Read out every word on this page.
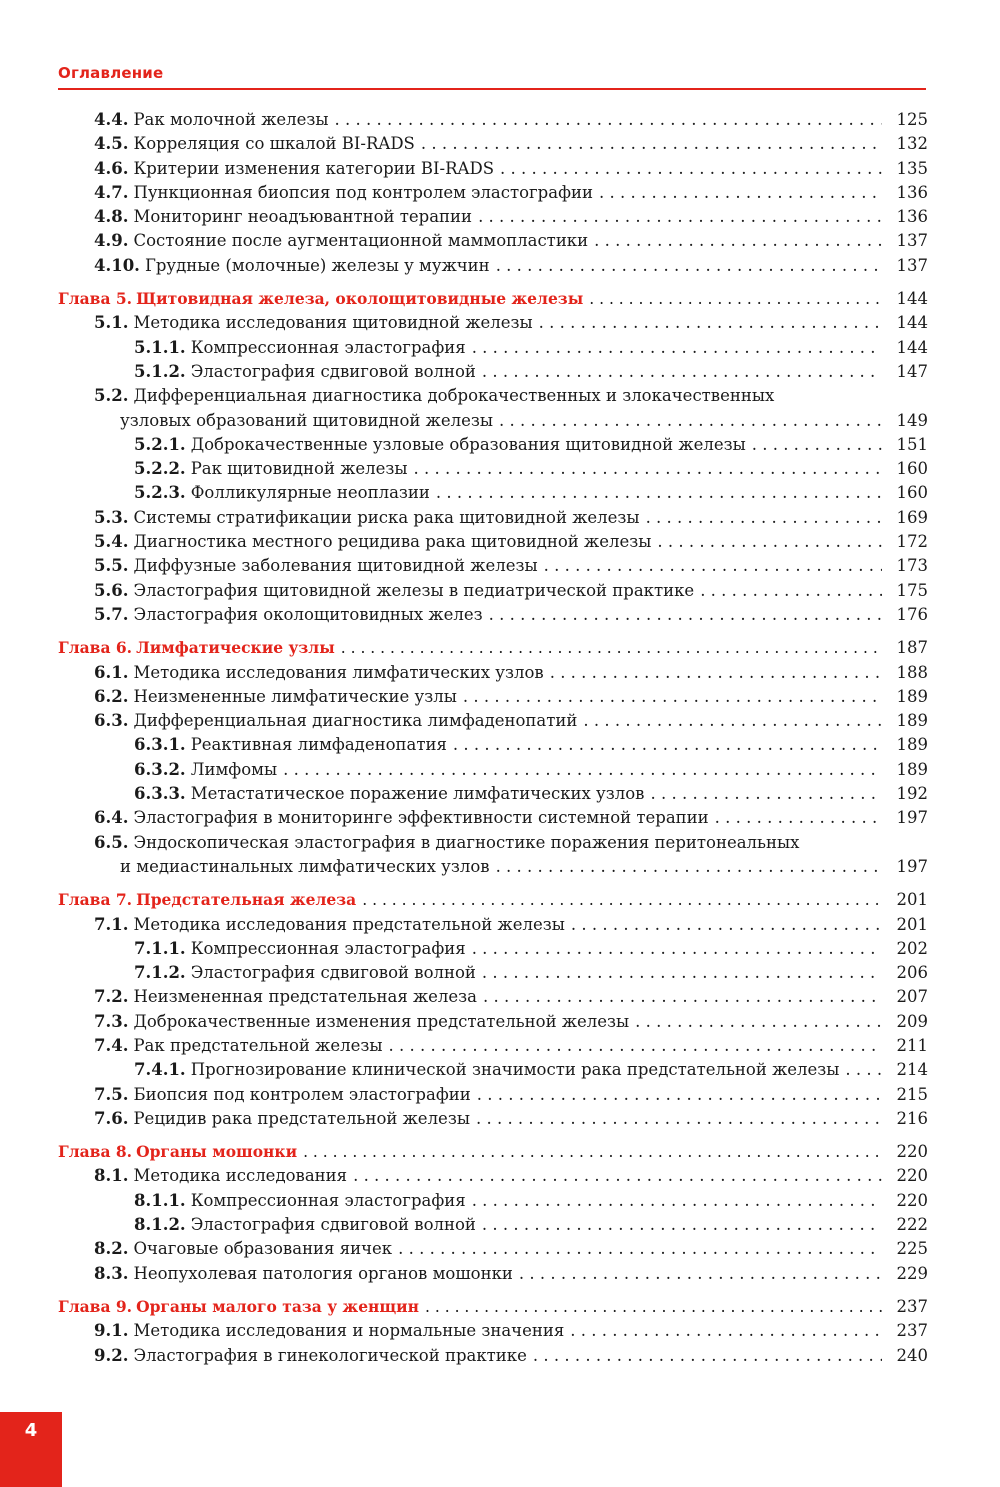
Оглавление
4.4. Рак молочной железы . . .	125
4.5. Корреляция со шкалой BI-RADS . . .	132
4.6. Критерии изменения категории BI-RADS . . .	135
4.7. Пункционная биопсия под контролем эластографии . . .	136
4.8. Мониторинг неоадъювантной терапии . . .	136
4.9. Состояние после аугментационной маммопластики . . .	137
4.10. Грудные (молочные) железы у мужчин . . .	137
Глава 5. Щитовидная железа, околощитовидные железы . . .	144
5.1. Методика исследования щитовидной железы . . .	144
5.1.1. Компрессионная эластография . . .	144
5.1.2. Эластография сдвиговой волной . . .	147
5.2. Дифференциальная диагностика доброкачественных и злокачественных
узловых образований щитовидной железы . . .	149
5.2.1. Доброкачественные узловые образования щитовидной железы . . .	151
5.2.2. Рак щитовидной железы . . .	160
5.2.3. Фолликулярные неоплазии . . .	160
5.3. Системы стратификации риска рака щитовидной железы . . .	169
5.4. Диагностика местного рецидива рака щитовидной железы . . .	172
5.5. Диффузные заболевания щитовидной железы . . .	173
5.6. Эластография щитовидной железы в педиатрической практике . . .	175
5.7. Эластография околощитовидных желез . . .	176
Глава 6. Лимфатические узлы . . .	187
6.1. Методика исследования лимфатических узлов . . .	188
6.2. Неизмененные лимфатические узлы . . .	189
6.3. Дифференциальная диагностика лимфаденопатий . . .	189
6.3.1. Реактивная лимфаденопатия . . .	189
6.3.2. Лимфомы . . .	189
6.3.3. Метастатическое поражение лимфатических узлов . . .	192
6.4. Эластография в мониторинге эффективности системной терапии . . .	197
6.5. Эндоскопическая эластография в диагностике поражения перитонеальных
и медиастинальных лимфатических узлов . . .	197
Глава 7. Предстательная железа . . .	201
7.1. Методика исследования предстательной железы . . .	201
7.1.1. Компрессионная эластография . . .	202
7.1.2. Эластография сдвиговой волной . . .	206
7.2. Неизмененная предстательная железа . . .	207
7.3. Доброкачественные изменения предстательной железы . . .	209
7.4. Рак предстательной железы . . .	211
7.4.1. Прогнозирование клинической значимости рака предстательной железы . . .	214
7.5. Биопсия под контролем эластографии . . .	215
7.6. Рецидив рака предстательной железы . . .	216
Глава 8. Органы мошонки . . .	220
8.1. Методика исследования . . .	220
8.1.1. Компрессионная эластография . . .	220
8.1.2. Эластография сдвиговой волной . . .	222
8.2. Очаговые образования яичек . . .	225
8.3. Неопухолевая патология органов мошонки . . .	229
Глава 9. Органы малого таза у женщин . . .	237
9.1. Методика исследования и нормальные значения . . .	237
9.2. Эластография в гинекологической практике . . .	240
4
